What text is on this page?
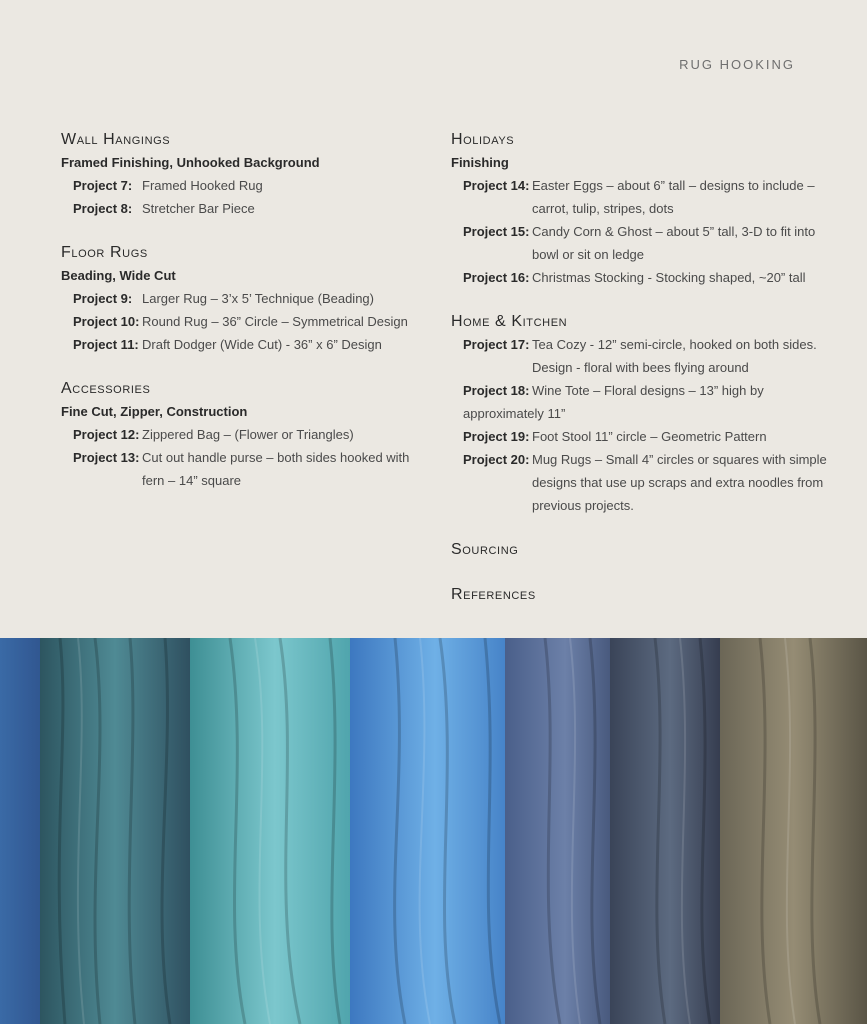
RUG HOOKING
Wall Hangings
Framed Finishing, Unhooked Background
Project 7: Framed Hooked Rug
Project 8: Stretcher Bar Piece
Floor Rugs
Beading, Wide Cut
Project 9: Larger Rug – 3’x 5’ Technique (Beading)
Project 10: Round Rug – 36” Circle – Symmetrical Design
Project 11: Draft Dodger (Wide Cut) - 36” x 6” Design
Accessories
Fine Cut, Zipper, Construction
Project 12: Zippered Bag – (Flower or Triangles)
Project 13: Cut out handle purse – both sides hooked with fern – 14” square
Holidays
Finishing
Project 14: Easter Eggs – about 6” tall – designs to include – carrot, tulip, stripes, dots
Project 15: Candy Corn & Ghost – about 5” tall, 3-D to fit into bowl or sit on ledge
Project 16: Christmas Stocking - Stocking shaped, ~20” tall
Home & Kitchen
Project 17: Tea Cozy - 12” semi-circle, hooked on both sides. Design - floral with bees flying around
Project 18: Wine Tote – Floral designs – 13” high by approximately 11”
Project 19: Foot Stool 11” circle – Geometric Pattern
Project 20: Mug Rugs – Small 4” circles or squares with simple designs that use up scraps and extra noodles from previous projects.
Sourcing
References
